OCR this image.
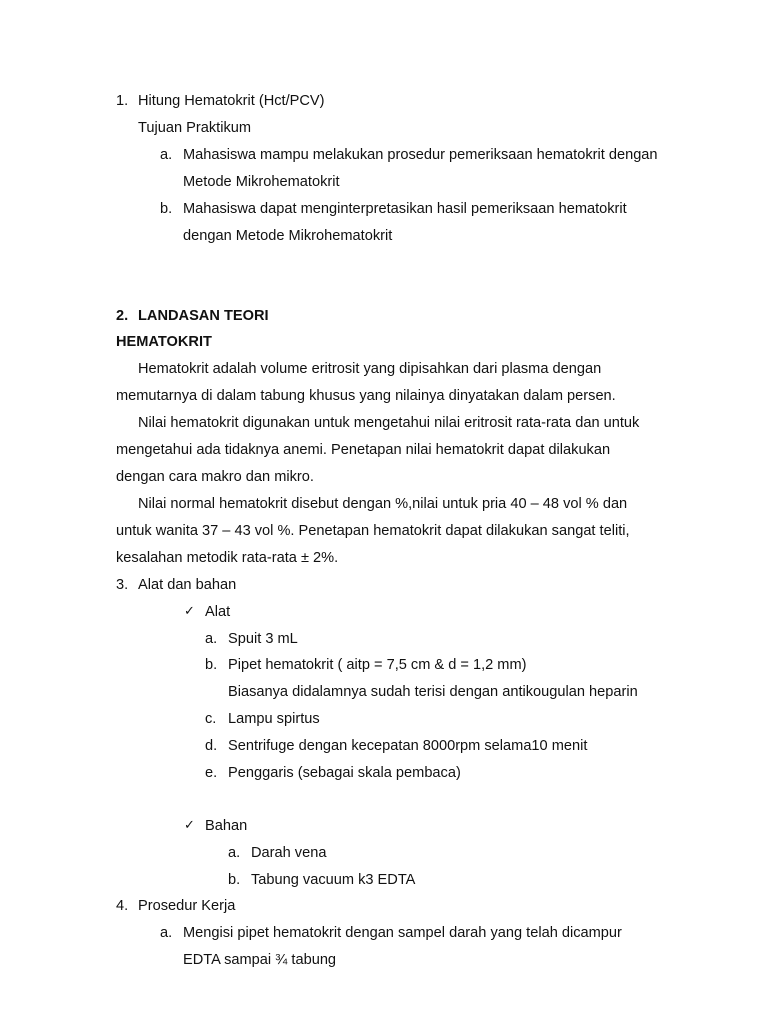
1. Hitung Hematokrit (Hct/PCV)
Tujuan Praktikum
a. Mahasiswa mampu melakukan prosedur pemeriksaan hematokrit dengan
Metode Mikrohematokrit
b. Mahasiswa dapat menginterpretasikan hasil pemeriksaan hematokrit
dengan Metode Mikrohematokrit
2. LANDASAN TEORI
HEMATOKRIT
Hematokrit adalah volume eritrosit yang dipisahkan dari plasma dengan
memutarnya di dalam tabung khusus yang nilainya dinyatakan dalam persen.
Nilai hematokrit digunakan untuk mengetahui nilai eritrosit rata-rata dan untuk
mengetahui ada tidaknya anemi. Penetapan nilai hematokrit dapat dilakukan
dengan cara makro dan mikro.
Nilai normal hematokrit disebut dengan %,nilai untuk pria 40 – 48 vol % dan
untuk wanita 37 – 43 vol %. Penetapan hematokrit dapat dilakukan sangat teliti,
kesalahan metodik rata-rata ± 2%.
3. Alat dan bahan
✓ Alat
a. Spuit 3 mL
b. Pipet hematokrit ( aitp = 7,5 cm & d = 1,2 mm)
Biasanya didalamnya sudah terisi dengan antikougulan heparin
c. Lampu spirtus
d. Sentrifuge dengan kecepatan 8000rpm selama10 menit
e. Penggaris (sebagai skala pembaca)
✓ Bahan
a. Darah vena
b. Tabung vacuum k3 EDTA
4. Prosedur Kerja
a. Mengisi pipet hematokrit dengan sampel darah yang telah dicampur
EDTA sampai ¾ tabung
